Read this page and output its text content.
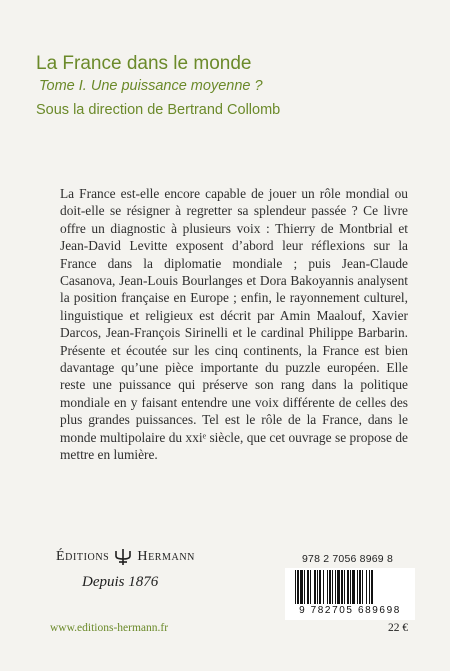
La France dans le monde
Tome I. Une puissance moyenne ?
Sous la direction de Bertrand Collomb
La France est-elle encore capable de jouer un rôle mondial ou doit-elle se résigner à regretter sa splendeur passée ? Ce livre offre un diagnostic à plusieurs voix : Thierry de Montbrial et Jean-David Levitte exposent d’abord leur réflexions sur la France dans la diplomatie mondiale ; puis Jean-Claude Casanova, Jean-Louis Bourlanges et Dora Bakoyannis analysent la position française en Europe ; enfin, le rayonnement culturel, linguistique et religieux est décrit par Amin Maalouf, Xavier Darcos, Jean-François Sirinelli et le cardinal Philippe Barbarin. Présente et écoutée sur les cinq continents, la France est bien davantage qu’une pièce importante du puzzle européen. Elle reste une puissance qui préserve son rang dans la politique mondiale en y faisant entendre une voix différente de celles des plus grandes puissances. Tel est le rôle de la France, dans le monde multipolaire du xxiᵉ siècle, que cet ouvrage se propose de mettre en lumière.
Éditions Hermann
Depuis 1876
978 2 7056 8969 8
9 782705 689698
www.editions-hermann.fr	22 €
